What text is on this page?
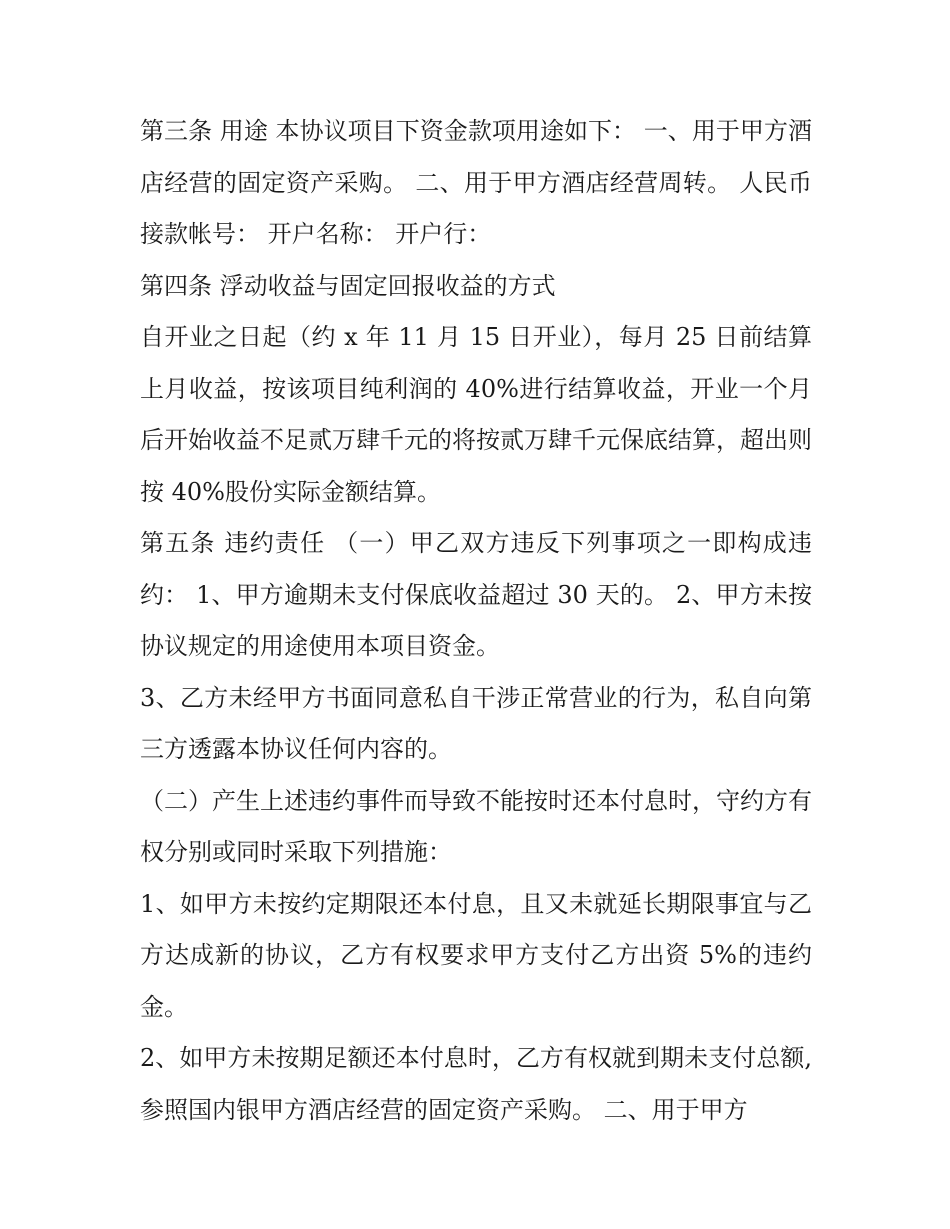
第三条 用途 本协议项目下资金款项用途如下： 一、用于甲方酒店经营的固定资产采购。 二、用于甲方酒店经营周转。 人民币接款帐号： 开户名称： 开户行：

第四条 浮动收益与固定回报收益的方式

自开业之日起（约 x 年 11 月 15 日开业），每月 25 日前结算上月收益，按该项目纯利润的 40%进行结算收益，开业一个月后开始收益不足贰万肆千元的将按贰万肆千元保底结算，超出则按 40%股份实际金额结算。

第五条 违约责任 （一）甲乙双方违反下列事项之一即构成违约： 1、甲方逾期未支付保底收益超过 30 天的。 2、甲方未按协议规定的用途使用本项目资金。

3、乙方未经甲方书面同意私自干涉正常营业的行为，私自向第三方透露本协议任何内容的。

（二）产生上述违约事件而导致不能按时还本付息时，守约方有权分别或同时采取下列措施：

1、如甲方未按约定期限还本付息，且又未就延长期限事宜与乙方达成新的协议，乙方有权要求甲方支付乙方出资 5%的违约金。

2、如甲方未按期足额还本付息时，乙方有权就到期未支付总额,参照国内银甲方酒店经营的固定资产采购。 二、用于甲方
